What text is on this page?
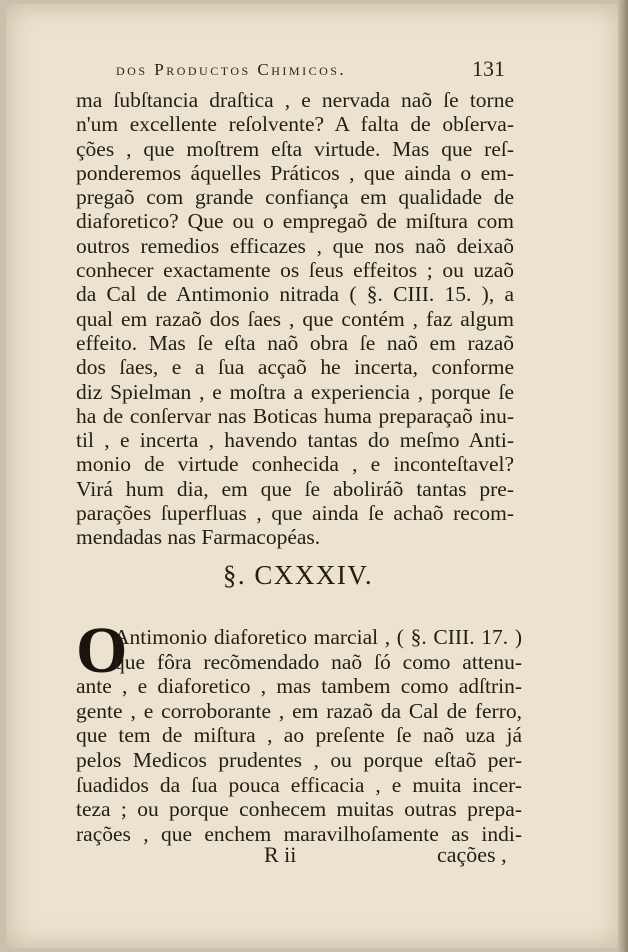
dos Productos Chimicos.	131
ma ſubſtancia draſtica , e nervada naõ ſe torne
n'um excellente reſolvente? A falta de obſerva-
ções , que moſtrem eſta virtude. Mas que reſ-
ponderemos áquelles Práticos , que ainda o em-
pregaõ com grande confiança em qualidade de
diaforetico? Que ou o empregaõ de miſtura com
outros remedios efficazes , que nos naõ deixaõ
conhecer exactamente os ſeus effeitos ; ou uzaõ
da Cal de Antimonio nitrada ( §. CIII. 15. ), a
qual em razaõ dos ſaes , que contém , faz algum
effeito. Mas ſe eſta naõ obra ſe naõ em razaõ
dos ſaes, e a ſua acçaõ he incerta, conforme
diz Spielman , e moſtra a experiencia , porque ſe
ha de conſervar nas Boticas huma preparaçaõ inu-
til , e incerta , havendo tantas do meſmo Anti-
monio de virtude conhecida , e inconteſtavel?
Virá hum dia, em que ſe aboliráõ tantas pre-
parações ſuperfluas , que ainda ſe achaõ recom-
mendadas nas Farmacopéas.
§. CXXXIV.
O
Antimonio diaforetico marcial , ( §. CIII. 17. )
que fôra recõmendado naõ ſó como attenu-
ante , e diaforetico , mas tambem como adſtrin-
gente , e corroborante , em razaõ da Cal de ferro,
que tem de miſtura , ao preſente ſe naõ uza já
pelos Medicos prudentes , ou porque eſtaõ per-
ſuadidos da ſua pouca efficacia , e muita incer-
teza ; ou porque conhecem muitas outras prepa-
rações , que enchem maravilhoſamente as indi-
R ii	cações ,
